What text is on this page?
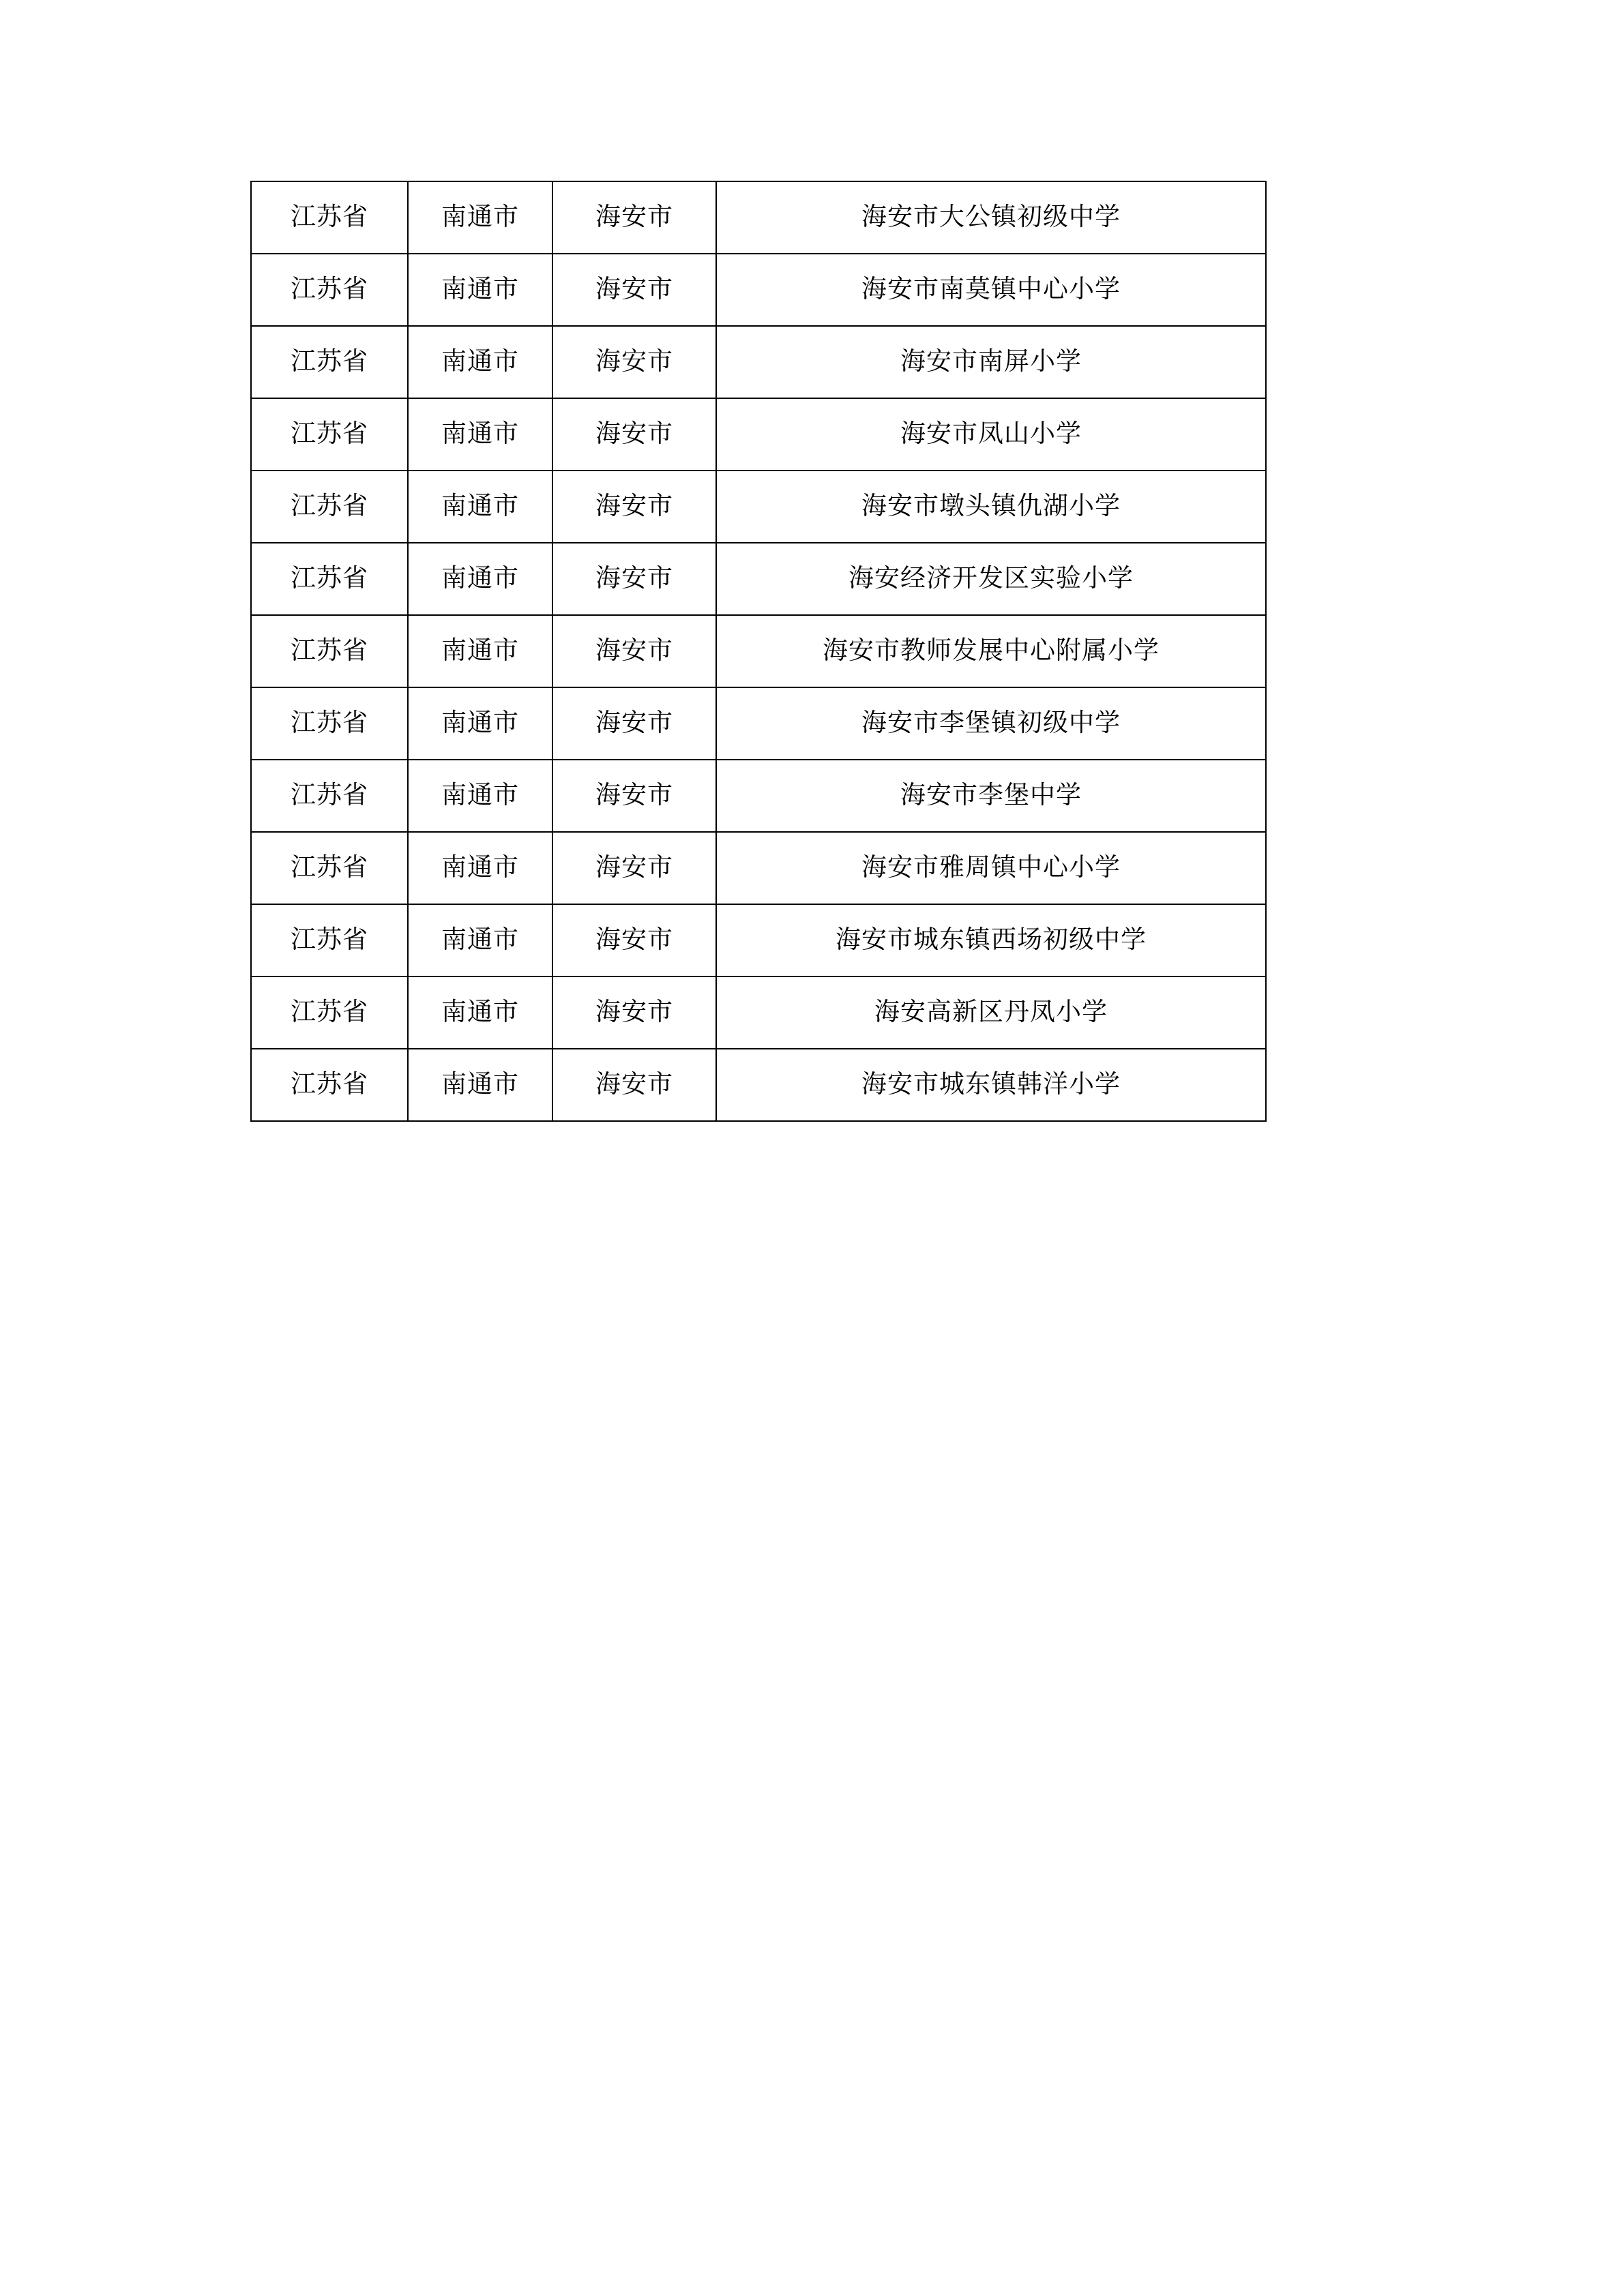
江苏省	南通市	海安市	海安市大公镇初级中学
江苏省	南通市	海安市	海安市南莫镇中心小学
江苏省	南通市	海安市	海安市南屏小学
江苏省	南通市	海安市	海安市凤山小学
江苏省	南通市	海安市	海安市墩头镇仇湖小学
江苏省	南通市	海安市	海安经济开发区实验小学
江苏省	南通市	海安市	海安市教师发展中心附属小学
江苏省	南通市	海安市	海安市李堡镇初级中学
江苏省	南通市	海安市	海安市李堡中学
江苏省	南通市	海安市	海安市雅周镇中心小学
江苏省	南通市	海安市	海安市城东镇西场初级中学
江苏省	南通市	海安市	海安高新区丹凤小学
江苏省	南通市	海安市	海安市城东镇韩洋小学
